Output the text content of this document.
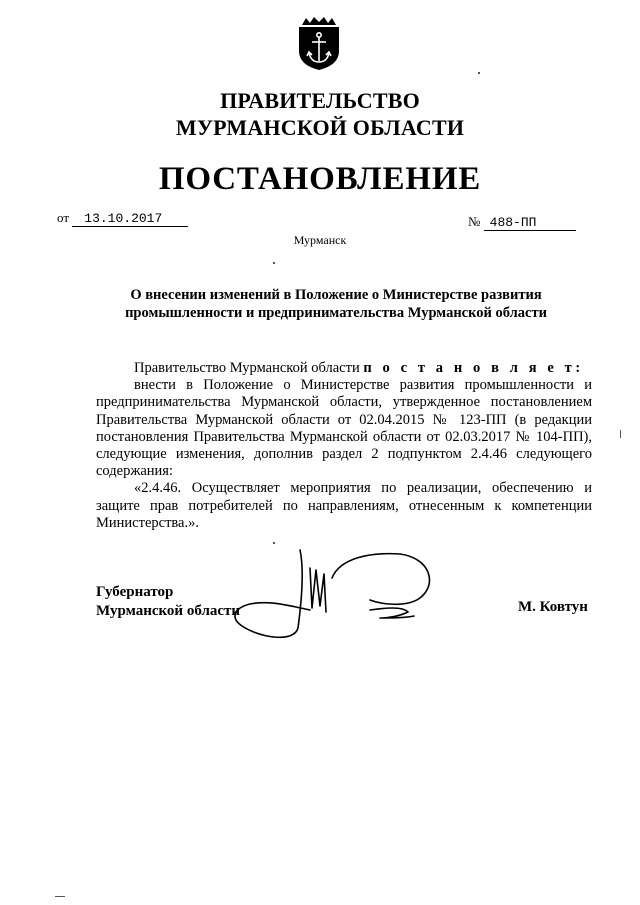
ПРАВИТЕЛЬСТВО
МУРМАНСКОЙ ОБЛАСТИ
ПОСТАНОВЛЕНИЕ
от 13.10.2017	№ 488-ПП
Мурманск
О внесении изменений в Положение о Министерстве развития
промышленности и предпринимательства Мурманской области

Правительство Мурманской области п о с т а н о в л я е т:

внести в Положение о Министерстве развития промышленности и предпринимательства Мурманской области, утвержденное постановлением Правительства Мурманской области от 02.04.2015 № 123-ПП (в редакции постановления Правительства Мурманской области от 02.03.2017 № 104-ПП), следующие изменения, дополнив раздел 2 подпунктом 2.4.46 следующего содержания:

«2.4.46. Осуществляет мероприятия по реализации, обеспечению и защите прав потребителей по направлениям, отнесенным к компетенции Министерства.».

Губернатор
Мурманской области	М. Ковтун
